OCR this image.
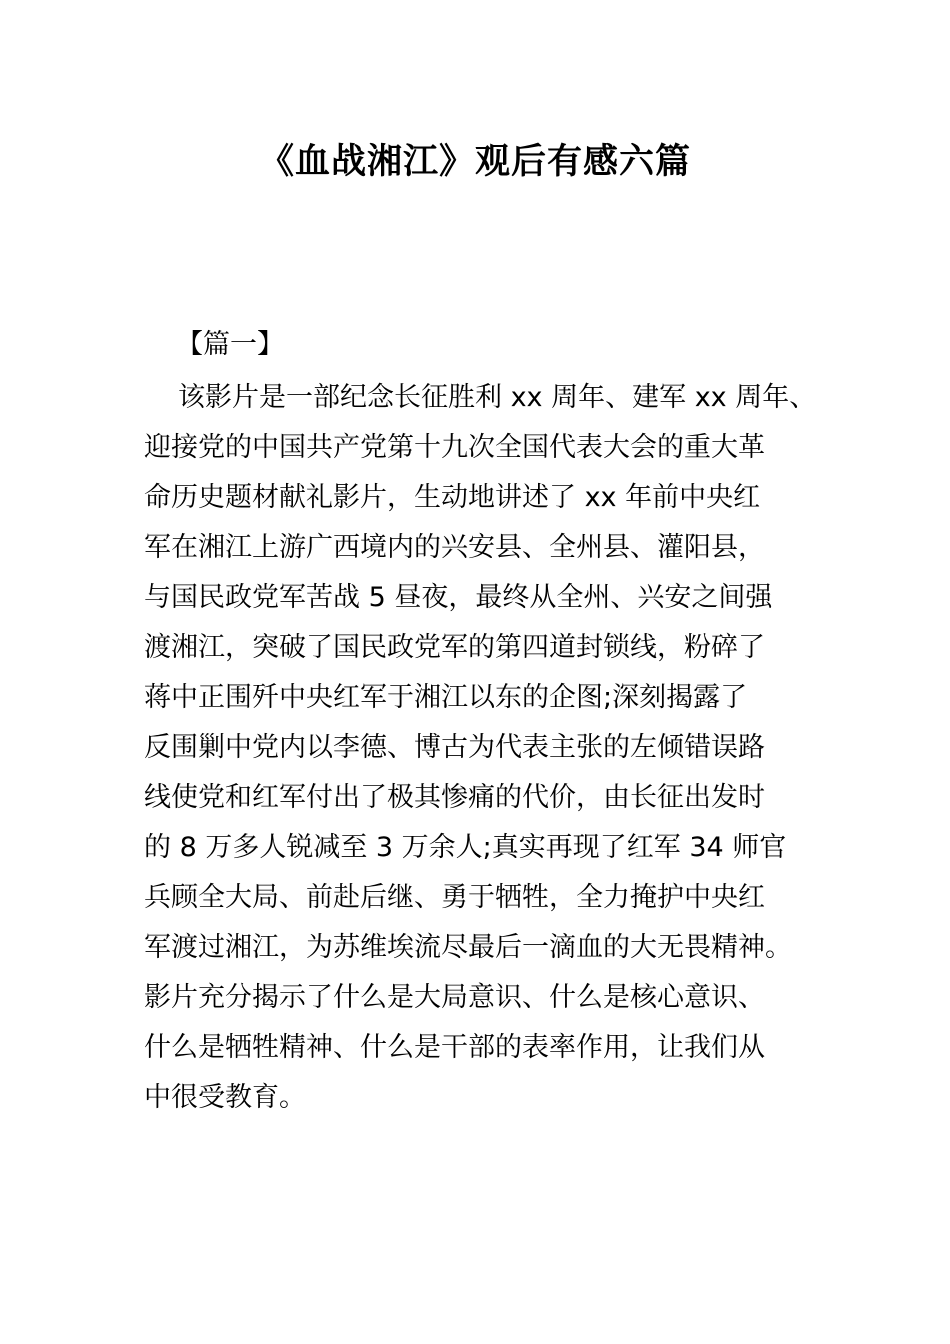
《血战湘江》观后有感六篇

【篇一】

该影片是一部纪念长征胜利 xx 周年、建军 xx 周年、
迎接党的中国共产党第十九次全国代表大会的重大革
命历史题材献礼影片，生动地讲述了 xx 年前中央红
军在湘江上游广西境内的兴安县、全州县、灌阳县，
与国民政党军苦战 5 昼夜，最终从全州、兴安之间强
渡湘江，突破了国民政党军的第四道封锁线，粉碎了
蒋中正围歼中央红军于湘江以东的企图;深刻揭露了
反围剿中党内以李德、博古为代表主张的左倾错误路
线使党和红军付出了极其惨痛的代价，由长征出发时
的 8 万多人锐减至 3 万余人;真实再现了红军 34 师官
兵顾全大局、前赴后继、勇于牺牲，全力掩护中央红
军渡过湘江，为苏维埃流尽最后一滴血的大无畏精神。
影片充分揭示了什么是大局意识、什么是核心意识、
什么是牺牲精神、什么是干部的表率作用，让我们从
中很受教育。
